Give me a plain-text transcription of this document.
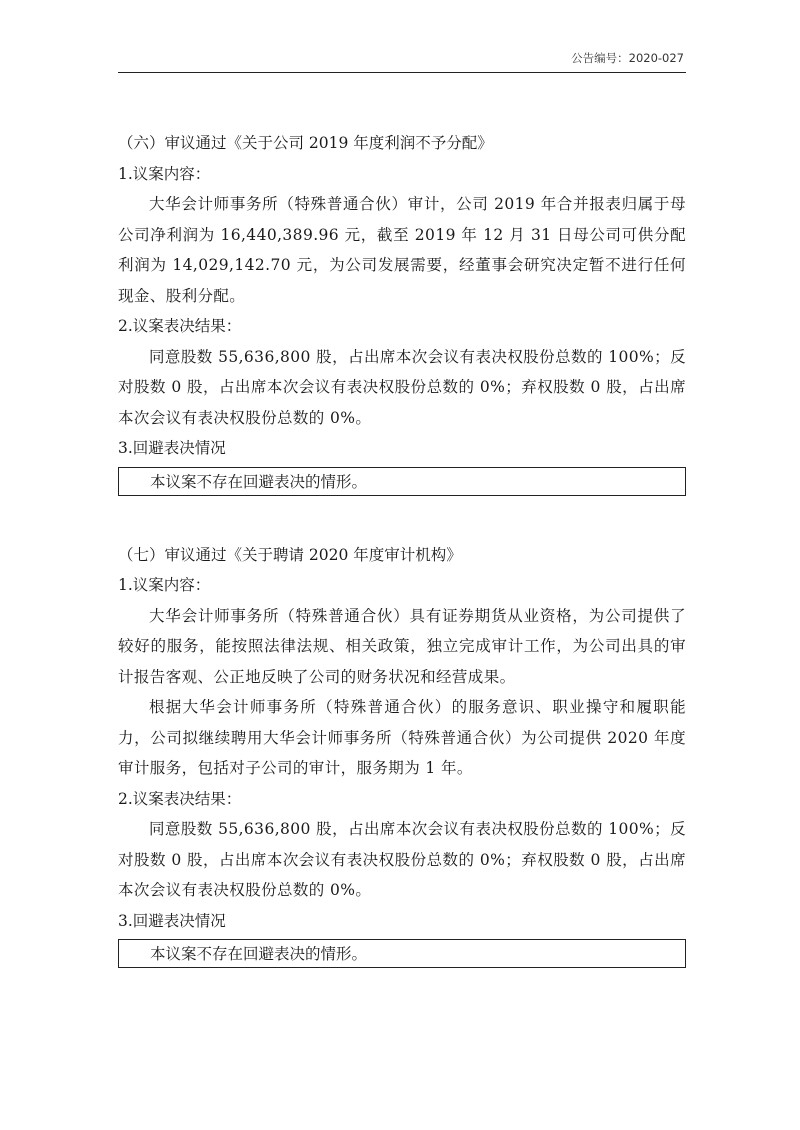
公告编号：2020-027

（六）审议通过《关于公司 2019 年度利润不予分配》

1.议案内容：

大华会计师事务所（特殊普通合伙）审计，公司 2019 年合并报表归属于母公司净利润为 16,440,389.96 元，截至 2019 年 12 月 31 日母公司可供分配利润为 14,029,142.70 元，为公司发展需要，经董事会研究决定暂不进行任何现金、股利分配。

2.议案表决结果：

同意股数 55,636,800 股，占出席本次会议有表决权股份总数的 100%；反对股数 0 股，占出席本次会议有表决权股份总数的 0%；弃权股数 0 股，占出席本次会议有表决权股份总数的 0%。

3.回避表决情况

本议案不存在回避表决的情形。

（七）审议通过《关于聘请 2020 年度审计机构》

1.议案内容：

大华会计师事务所（特殊普通合伙）具有证券期货从业资格，为公司提供了较好的服务，能按照法律法规、相关政策，独立完成审计工作，为公司出具的审计报告客观、公正地反映了公司的财务状况和经营成果。

根据大华会计师事务所（特殊普通合伙）的服务意识、职业操守和履职能力，公司拟继续聘用大华会计师事务所（特殊普通合伙）为公司提供 2020 年度审计服务，包括对子公司的审计，服务期为 1 年。

2.议案表决结果：

同意股数 55,636,800 股，占出席本次会议有表决权股份总数的 100%；反对股数 0 股，占出席本次会议有表决权股份总数的 0%；弃权股数 0 股，占出席本次会议有表决权股份总数的 0%。

3.回避表决情况

本议案不存在回避表决的情形。
